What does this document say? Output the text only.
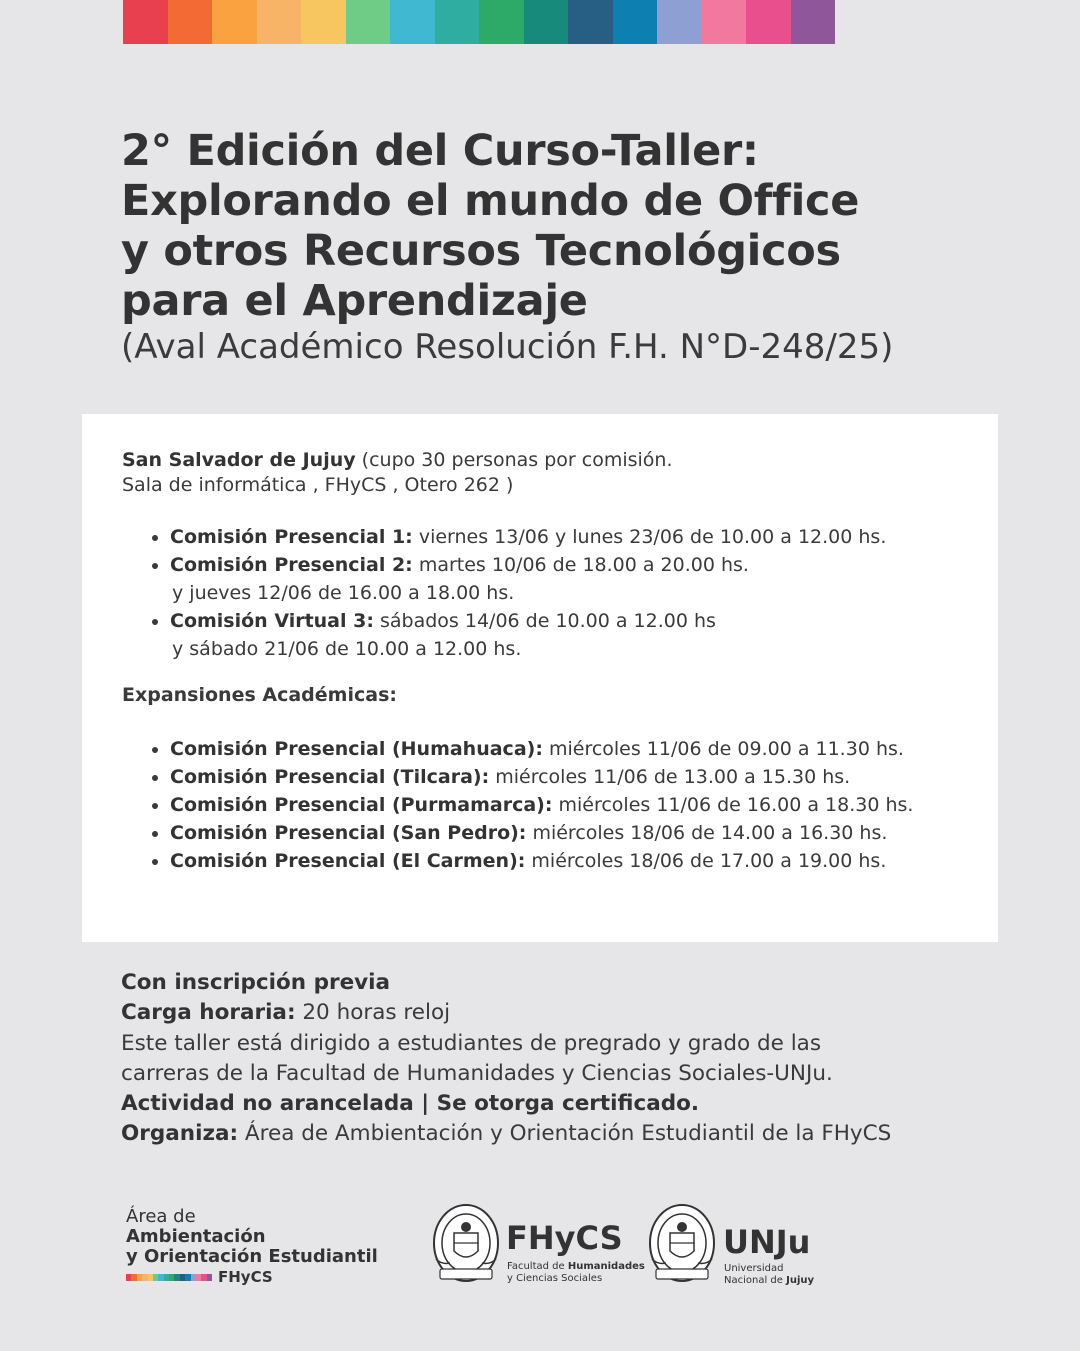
2° Edición del Curso-Taller:
Explorando el mundo de Office
y otros Recursos Tecnológicos
para el Aprendizaje

(Aval Académico Resolución F.H. N°D-248/25)

San Salvador de Jujuy (cupo 30 personas por comisión.
Sala de informática , FHyCS , Otero 262 )
• Comisión Presencial 1: viernes 13/06 y lunes 23/06 de 10.00 a 12.00 hs.
• Comisión Presencial 2: martes 10/06 de 18.00 a 20.00 hs.
y jueves 12/06 de 16.00 a 18.00 hs.
• Comisión Virtual 3: sábados 14/06 de 10.00 a 12.00 hs
y sábado 21/06 de 10.00 a 12.00 hs.
Expansiones Académicas:
• Comisión Presencial (Humahuaca): miércoles 11/06 de 09.00 a 11.30 hs.
• Comisión Presencial (Tilcara): miércoles 11/06 de 13.00 a 15.30 hs.
• Comisión Presencial (Purmamarca): miércoles 11/06 de 16.00 a 18.30 hs.
• Comisión Presencial (San Pedro): miércoles 18/06 de 14.00 a 16.30 hs.
• Comisión Presencial (El Carmen): miércoles 18/06 de 17.00 a 19.00 hs.
Con inscripción previa
Carga horaria: 20 horas reloj
Este taller está dirigido a estudiantes de pregrado y grado de las
carreras de la Facultad de Humanidades y Ciencias Sociales-UNJu.
Actividad no arancelada | Se otorga certificado.
Organiza: Área de Ambientación y Orientación Estudiantil de la FHyCS
Área de
Ambientación
y Orientación Estudiantil
FHyCS
FHyCS
Facultad de Humanidades
y Ciencias Sociales
UNJu
Universidad
Nacional de Jujuy
